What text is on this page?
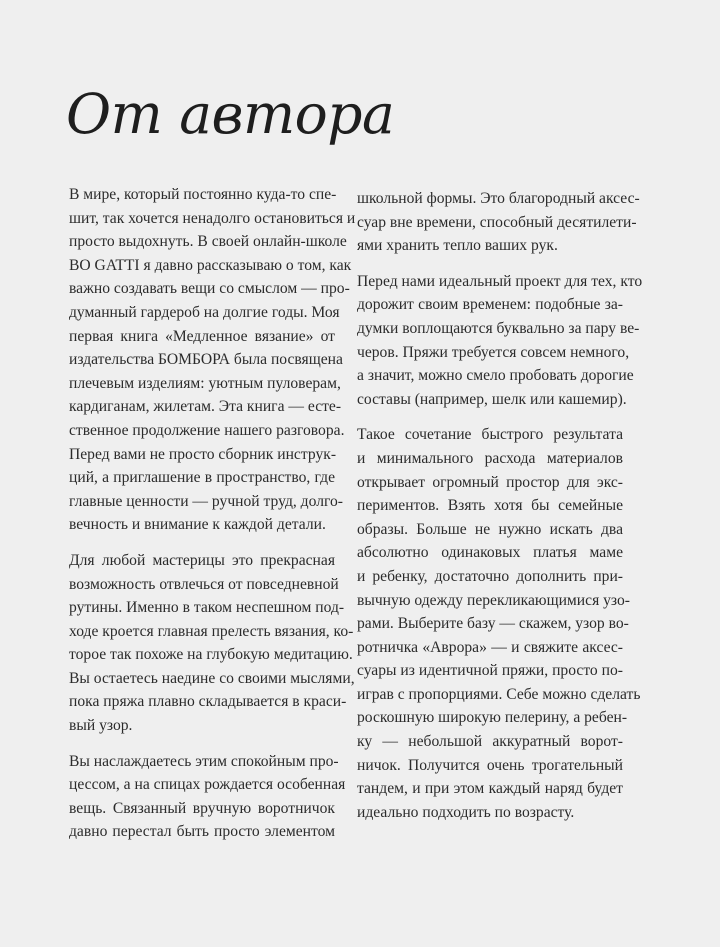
От автора

В мире, который постоянно куда-то спе-
шит, так хочется ненадолго остановиться и
просто выдохнуть. В своей онлайн-школе
BO GATTI я давно рассказываю о том, как
важно создавать вещи со смыслом — про-
думанный гардероб на долгие годы. Моя
первая книга «Медленное вязание» от
издательства БОМБОРА была посвящена
плечевым изделиям: уютным пуловерам,
кардиганам, жилетам. Эта книга — есте-
ственное продолжение нашего разговора.
Перед вами не просто сборник инструк-
ций, а приглашение в пространство, где
главные ценности — ручной труд, долго-
вечность и внимание к каждой детали.

Для любой мастерицы это прекрасная
возможность отвлечься от повседневной
рутины. Именно в таком неспешном под-
ходе кроется главная прелесть вязания, ко-
торое так похоже на глубокую медитацию.
Вы остаетесь наедине со своими мыслями,
пока пряжа плавно складывается в краси-
вый узор.

Вы наслаждаетесь этим спокойным про-
цессом, а на спицах рождается особенная
вещь. Связанный вручную воротничок
давно перестал быть просто элементом

школьной формы. Это благородный аксес-
суар вне времени, способный десятилети-
ями хранить тепло ваших рук.

Перед нами идеальный проект для тех, кто
дорожит своим временем: подобные за-
думки воплощаются буквально за пару ве-
черов. Пряжи требуется совсем немного,
а значит, можно смело пробовать дорогие
составы (например, шелк или кашемир).

Такое сочетание быстрого результата
и минимального расхода материалов
открывает огромный простор для экс-
периментов. Взять хотя бы семейные
образы. Больше не нужно искать два
абсолютно одинаковых платья маме
и ребенку, достаточно дополнить при-
вычную одежду перекликающимися узо-
рами. Выберите базу — скажем, узор во-
ротничка «Аврора» — и свяжите аксес-
суары из идентичной пряжи, просто по-
играв с пропорциями. Себе можно сделать
роскошную широкую пелерину, а ребен-
ку — небольшой аккуратный ворот-
ничок. Получится очень трогательный
тандем, и при этом каждый наряд будет
идеально подходить по возрасту.
